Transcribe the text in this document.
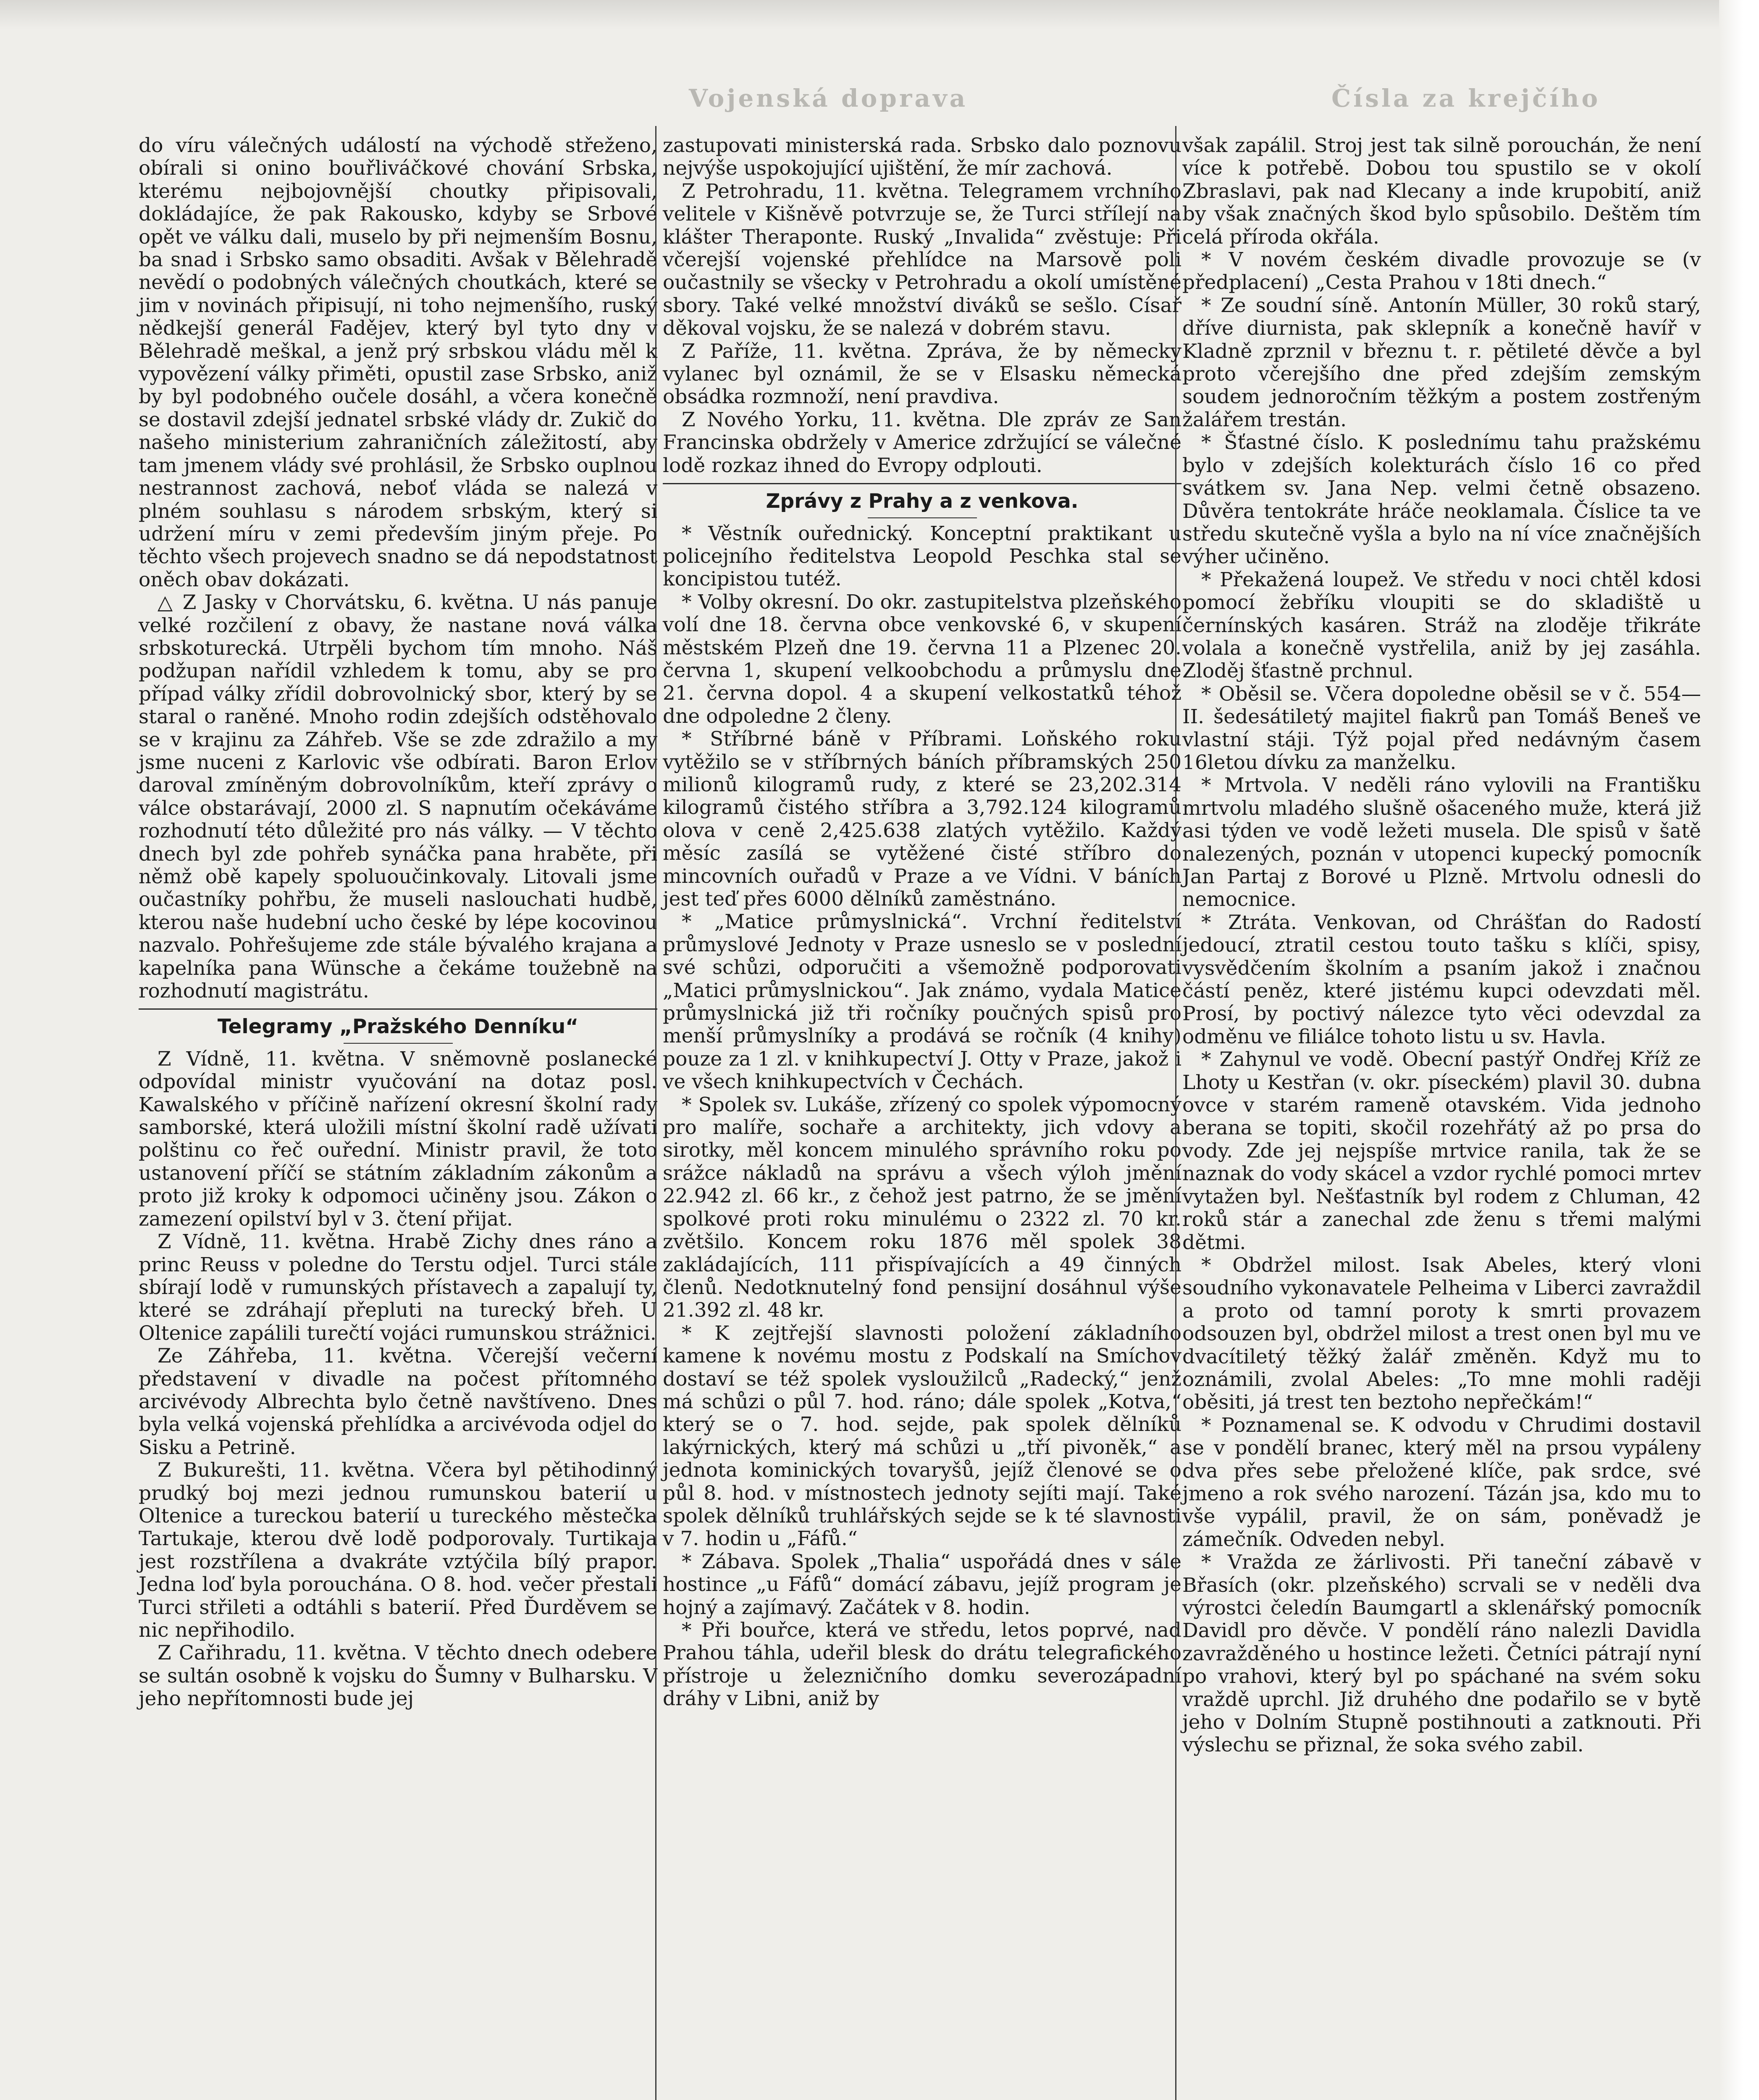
Vojenská doprava	Čísla za krejčího

do víru válečných událostí na východě střeženo, obírali si onino bouřliváčkové chování Srbska, kterému nejbojovnější choutky připisovali, dokládajíce, že pak Rakousko, kdyby se Srbové opět ve válku dali, muselo by při nejmenším Bosnu, ba snad i Srbsko samo obsaditi. Avšak v Bělehradě nevědí o podobných válečných choutkách, které se jim v novinách připisují, ni toho nejmenšího, ruský nědkejší generál Fadějev, který byl tyto dny v Bělehradě meškal, a jenž prý srbskou vládu měl k vypovězení války přiměti, opustil zase Srbsko, aniž by byl podobného oučele dosáhl, a včera konečně se dostavil zdejší jednatel srbské vlády dr. Zukič do našeho ministerium zahraničních záležitostí, aby tam jmenem vlády své prohlásil, že Srbsko ouplnou nestrannost zachová, neboť vláda se nalezá v plném souhlasu s národem srbským, který si udržení míru v zemi především jiným přeje. Po těchto všech projevech snadno se dá nepodstatnost oněch obav dokázati.

△ Z Jasky v Chorvátsku, 6. května. U nás panuje velké rozčilení z obavy, že nastane nová válka srbskoturecká. Utrpěli bychom tím mnoho. Náš podžupan nařídil vzhledem k tomu, aby se pro případ války zřídil dobrovolnický sbor, který by se staral o raněné. Mnoho rodin zdejších odstěhovalo se v krajinu za Záhřeb. Vše se zde zdražilo a my jsme nuceni z Karlovic vše odbírati. Baron Erlov daroval zmíněným dobrovolníkům, kteří zprávy o válce obstarávají, 2000 zl. S napnutím očekáváme rozhodnutí této důležité pro nás války. — V těchto dnech byl zde pohřeb synáčka pana hraběte, při němž obě kapely spoluoučinkovaly. Litovali jsme oučastníky pohřbu, že museli naslouchati hudbě, kterou naše hudební ucho české by lépe kocovinou nazvalo. Pohřešujeme zde stále bývalého krajana a kapelníka pana Wünsche a čekáme toužebně na rozhodnutí magistrátu.

Telegramy „Pražského Denníku“

Z Vídně, 11. května. V sněmovně poslanecké odpovídal ministr vyučování na dotaz posl. Kawalského v příčině nařízení okresní školní rady samborské, která uložili místní školní radě užívati polštinu co řeč ouřední. Ministr pravil, že toto ustanovení příčí se státním základním zákonům a proto již kroky k odpomoci učiněny jsou. Zákon o zamezení opilství byl v 3. čtení přijat.

Z Vídně, 11. května. Hrabě Zichy dnes ráno a princ Reuss v poledne do Terstu odjel. Turci stále sbírají lodě v rumunských přístavech a zapalují ty, které se zdráhají přepluti na turecký břeh. U Oltenice zapálili turečtí vojáci rumunskou strážnici.

Ze Záhřeba, 11. května. Včerejší večerní představení v divadle na počest přítomného arcivévody Albrechta bylo četně navštíveno. Dnes byla velká vojenská přehlídka a arcivévoda odjel do Sisku a Petrině.

Z Bukurešti, 11. května. Včera byl pětihodinný prudký boj mezi jednou rumunskou baterií u Oltenice a tureckou baterií u tureckého městečka Tartukaje, kterou dvě lodě podporovaly. Turtikaja jest rozstřílena a dvakráte vztýčila bílý prapor. Jedna loď byla porouchána. O 8. hod. večer přestali Turci střileti a odtáhli s baterií. Před Ďurděvem se nic nepřihodilo.

Z Cařihradu, 11. května. V těchto dnech odebere se sultán osobně k vojsku do Šumny v Bulharsku. V jeho nepřítomnosti bude jej

zastupovati ministerská rada. Srbsko dalo poznovu nejvýše uspokojující ujištění, že mír zachová.

Z Petrohradu, 11. května. Telegramem vrchního velitele v Kišněvě potvrzuje se, že Turci střílejí na klášter Theraponte. Ruský „Invalida“ zvěstuje: Při včerejší vojenské přehlídce na Marsově poli oučastnily se všecky v Petrohradu a okolí umístěné sbory. Také velké množství diváků se sešlo. Císař děkoval vojsku, že se nalezá v dobrém stavu.

Z Paříže, 11. května. Zpráva, že by německy vylanec byl oznámil, že se v Elsasku německá obsádka rozmnoží, není pravdiva.

Z Nového Yorku, 11. května. Dle zpráv ze San Francinska obdržely v Americe zdržující se válečné lodě rozkaz ihned do Evropy odplouti.

Zprávy z Prahy a z venkova.

* Věstník ouřednický. Konceptní praktikant u policejního ředitelstva Leopold Peschka stal se koncipistou tutéž.

* Volby okresní. Do okr. zastupitelstva plzeňského volí dne 18. června obce venkovské 6, v skupení městském Plzeň dne 19. června 11 a Plzenec 20. června 1, skupení velkoobchodu a průmyslu dne 21. června dopol. 4 a skupení velkostatků téhož dne odpoledne 2 členy.

* Stříbrné báně v Příbrami. Loňského roku vytěžilo se v stříbrných báních příbramských 250 milionů kilogramů rudy, z které se 23,202.314 kilogramů čistého stříbra a 3,792.124 kilogramů olova v ceně 2,425.638 zlatých vytěžilo. Každý měsíc zasílá se vytěžené čisté stříbro do mincovních ouřadů v Praze a ve Vídni. V báních jest teď přes 6000 dělníků zaměstnáno.

* „Matice průmyslnická“. Vrchní ředitelství průmyslové Jednoty v Praze usneslo se v poslední své schůzi, odporučiti a všemožně podporovati „Matici průmyslnickou“. Jak známo, vydala Matice průmyslnická již tři ročníky poučných spisů pro menší průmyslníky a prodává se ročník (4 knihy) pouze za 1 zl. v knihkupectví J. Otty v Praze, jakož i ve všech knihkupectvích v Čechách.

* Spolek sv. Lukáše, zřízený co spolek výpomocný pro malíře, sochaře a architekty, jich vdovy a sirotky, měl koncem minulého správního roku po srážce nákladů na správu a všech výloh jmění 22.942 zl. 66 kr., z čehož jest patrno, že se jmění spolkové proti roku minulému o 2322 zl. 70 kr. zvětšilo. Koncem roku 1876 měl spolek 38 zakládajících, 111 přispívajících a 49 činných členů. Nedotknutelný fond pensijní dosáhnul výše 21.392 zl. 48 kr.

* K zejtřejší slavnosti položení základního kamene k novému mostu z Podskalí na Smíchov dostaví se též spolek vysloužilců „Radecký,“ jenž má schůzi o půl 7. hod. ráno; dále spolek „Kotva,“ který se o 7. hod. sejde, pak spolek dělníků lakýrnických, který má schůzi u „tří pivoněk,“ a jednota kominických tovaryšů, jejíž členové se o půl 8. hod. v místnostech jednoty sejíti mají. Také spolek dělníků truhlářských sejde se k té slavnosti v 7. hodin u „Fáfů.“

* Zábava. Spolek „Thalia“ uspořádá dnes v sále hostince „u Fáfů“ domácí zábavu, jejíž program je hojný a zajímavý. Začátek v 8. hodin.

* Při bouřce, která ve středu, letos poprvé, nad Prahou táhla, udeřil blesk do drátu telegrafického přístroje u železničního domku severozápadní dráhy v Libni, aniž by

však zapálil. Stroj jest tak silně porouchán, že není více k potřebě. Dobou tou spustilo se v okolí Zbraslavi, pak nad Klecany a inde krupobití, aniž by však značných škod bylo spůsobilo. Deštěm tím celá příroda okřála.

* V novém českém divadle provozuje se (v předplacení) „Cesta Prahou v 18ti dnech.“

* Ze soudní síně. Antonín Müller, 30 roků starý, dříve diurnista, pak sklepník a konečně havíř v Kladně zprznil v březnu t. r. pětileté děvče a byl proto včerejšího dne před zdejším zemským soudem jednoročním těžkým a postem zostřeným žalářem trestán.

* Šťastné číslo. K poslednímu tahu pražskému bylo v zdejších kolekturách číslo 16 co před svátkem sv. Jana Nep. velmi četně obsazeno. Důvěra tentokráte hráče neoklamala. Číslice ta ve středu skutečně vyšla a bylo na ní více značnějších výher učiněno.

* Překažená loupež. Ve středu v noci chtěl kdosi pomocí žebříku vloupiti se do skladiště u černínských kasáren. Stráž na zloděje třikráte volala a konečně vystřelila, aniž by jej zasáhla. Zloděj šťastně prchnul.

* Oběsil se. Včera dopoledne oběsil se v č. 554—II. šedesátiletý majitel fiakrů pan Tomáš Beneš ve vlastní stáji. Týž pojal před nedávným časem 16letou dívku za manželku.

* Mrtvola. V neděli ráno vylovili na Františku mrtvolu mladého slušně ošaceného muže, která již asi týden ve vodě ležeti musela. Dle spisů v šatě nalezených, poznán v utopenci kupecký pomocník Jan Partaj z Borové u Plzně. Mrtvolu odnesli do nemocnice.

* Ztráta. Venkovan, od Chrášťan do Radostí jedoucí, ztratil cestou touto tašku s klíči, spisy, vysvědčením školním a psaním jakož i značnou částí peněz, které jistému kupci odevzdati měl. Prosí, by poctivý nálezce tyto věci odevzdal za odměnu ve filiálce tohoto listu u sv. Havla.

* Zahynul ve vodě. Obecní pastýř Ondřej Kříž ze Lhoty u Kestřan (v. okr. píseckém) plavil 30. dubna ovce v starém rameně otavském. Vida jednoho berana se topiti, skočil rozehřátý až po prsa do vody. Zde jej nejspíše mrtvice ranila, tak že se naznak do vody skácel a vzdor rychlé pomoci mrtev vytažen byl. Nešťastník byl rodem z Chluman, 42 roků stár a zanechal zde ženu s třemi malými dětmi.

* Obdržel milost. Isak Abeles, který vloni soudního vykonavatele Pelheima v Liberci zavraždil a proto od tamní poroty k smrti provazem odsouzen byl, obdržel milost a trest onen byl mu ve dvacítiletý těžký žalář změněn. Když mu to oznámili, zvolal Abeles: „To mne mohli raději oběsiti, já trest ten beztoho nepřečkám!“

* Poznamenal se. K odvodu v Chrudimi dostavil se v pondělí branec, který měl na prsou vypáleny dva přes sebe přeložené klíče, pak srdce, své jmeno a rok svého narození. Tázán jsa, kdo mu to vše vypálil, pravil, že on sám, poněvadž je zámečník. Odveden nebyl.

* Vražda ze žárlivosti. Při taneční zábavě v Břasích (okr. plzeňského) scrvali se v neděli dva výrostci čeledín Baumgartl a sklenářský pomocník Davidl pro děvče. V pondělí ráno nalezli Davidla zavražděného u hostince ležeti. Četníci pátrají nyní po vrahovi, který byl po spáchané na svém soku vraždě uprchl. Již druhého dne podařilo se v bytě jeho v Dolním Stupně postihnouti a zatknouti. Při výslechu se přiznal, že soka svého zabil.
